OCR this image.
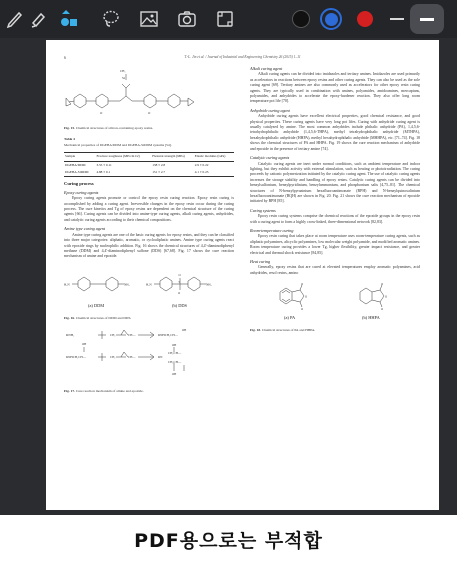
6	T.-L. Jin et al. / Journal of Industrial and Engineering Chemistry 26 (2015) 1–11
Si
CH₃
O	O
Fig. 15. Chemical structures of silicon-containing epoxy resins.
Table 4
Mechanical properties of DGEBA/DDM and DGEBA-SiDDM systems [54].
Sample	Fracture toughness (MPa·m1/2)	Flexural strength (MPa)	Elastic modulus (GPa)
DGEBA/DDM	3.55 ± 0.11	138 ± 2.8	2.9 ± 0.22
DGEBA-SiDDM	4.88 ± 0.1	151 ± 2.7	4.1 ± 0.25
Curing process
Epoxy curing agents

Epoxy curing agents promote or control the epoxy resin curing reaction. Epoxy resin curing is accomplished by adding a curing agent. Irreversible changes in the epoxy resin occur during the curing process. The cure kinetics and Tg of epoxy resins are dependent on the chemical structure of the curing agents [66]. Curing agents can be divided into amine-type curing agents, alkali curing agents, anhydrides, and catalytic curing agents according to their chemical compositions.

Amine type curing agent

Amine type curing agents are one of the basic curing agents for epoxy resins, and they can be classified into three major categories: aliphatic, aromatic, or cycloaliphatic amines. Amine type curing agents react with epoxide rings by nucleophilic addition. Fig. 16 shows the chemical structures of 4,4'-diaminodiphenyl methane (DDM) and 4,4'-diaminodiphenyl sulfone (DDS) [67,68]. Fig. 17 shows the cure reaction mechanism of amine and epoxide.

H₂N	NH₂	H₂N	NH₂
O
O
S
(a) DDM	(b) DDS
Fig. 16. Chemical structures of DDM and DDS.
RNH₂	CH₂	CH—	RNHCH₂CH—
OH
RNHCH₂CH—
OH
CH₂	CH—	RN
CH₂CH—
CH₂CH—
OH
OH
Fig. 17. Cure reaction mechanism of amine and epoxide.
Alkali curing agent

Alkali curing agents can be divided into imidazoles and tertiary amines. Imidazoles are used primarily as accelerators in reactions between epoxy resins and other curing agents. They can also be used as the sole curing agent [69]. Tertiary amines are also commonly used as accelerators for other epoxy resin curing agents. They are typically used in combination with amines, polyamides, amidoamines, mercaptans, polyamides, and anhydrides to accelerate the epoxy-hardener reaction. They also offer long room temperature pot life [70].

Anhydride curing agent

Anhydride curing agents have excellent electrical properties, good chemical resistance, and good physical properties. These curing agents have very long pot lifes. Curing with anhydride curing agent is usually catalyzed by amine. The most common anhydrides include phthalic anhydride (PA), 1,4,5,6-tetrahydrophthalic anhydride (1,4,5,6-THPA), methyl tetrahydrophthalic anhydride (MTHPA), hexahydrophthalic anhydride (HHPA), methyl hexahydrophthalic anhydride (MHHPA), etc. [71–74]. Fig. 18 shows the chemical structures of PA and HHPA. Fig. 19 shows the cure reaction mechanism of anhydride and epoxide in the presence of tertiary amine [74].

Catalytic curing agents

Catalytic curing agents are inert under normal conditions, such as ambient temperature and indoor lighting, but they exhibit activity with external stimulation, such as heating or photoirradiation. The curing proceeds by cationic polymerization initiated by the catalytic curing agent. The use of catalytic curing agents increases the storage stability and handling of epoxy resins. Catalytic curing agents can be divided into benzylsulfonium, benzylpyridinium, benzylammonium, and phosphonium salts [4,75–81]. The chemical structures of N-benzylpyrazinium hexafluoroantimonate (BPH) and N-benzylquinoxalinium hexafluoroantimonate (BQH) are shown in Fig. 20. Fig. 21 shows the cure reaction mechanism of epoxide initiated by BPH [85].

Curing systems

Epoxy resin curing systems comprise the chemical reactions of the epoxide groups in the epoxy resin with a curing agent to form a highly cross-linked, three-dimensional network [82,83].

Room-temperature curing

Epoxy resin curing that takes place at room temperature uses room-temperature curing agents, such as aliphatic polyamines, alicyclic polyamines, low molecular weight polyamide, and modified aromatic amines. Room temperature curing provides a lower Tg, higher flexibility, greater impact resistance, and greater electrical and thermal shock resistance [84,85].

Heat curing

Generally, epoxy resins that are cured at elevated temperatures employ aromatic polyamines, acid anhydrides, resol resins, amino

O
O
O
O
O
O
(a) PA	(b) HHPA
Fig. 18. Chemical structures of PA and HHPA.
PDF용으로는 부적합
